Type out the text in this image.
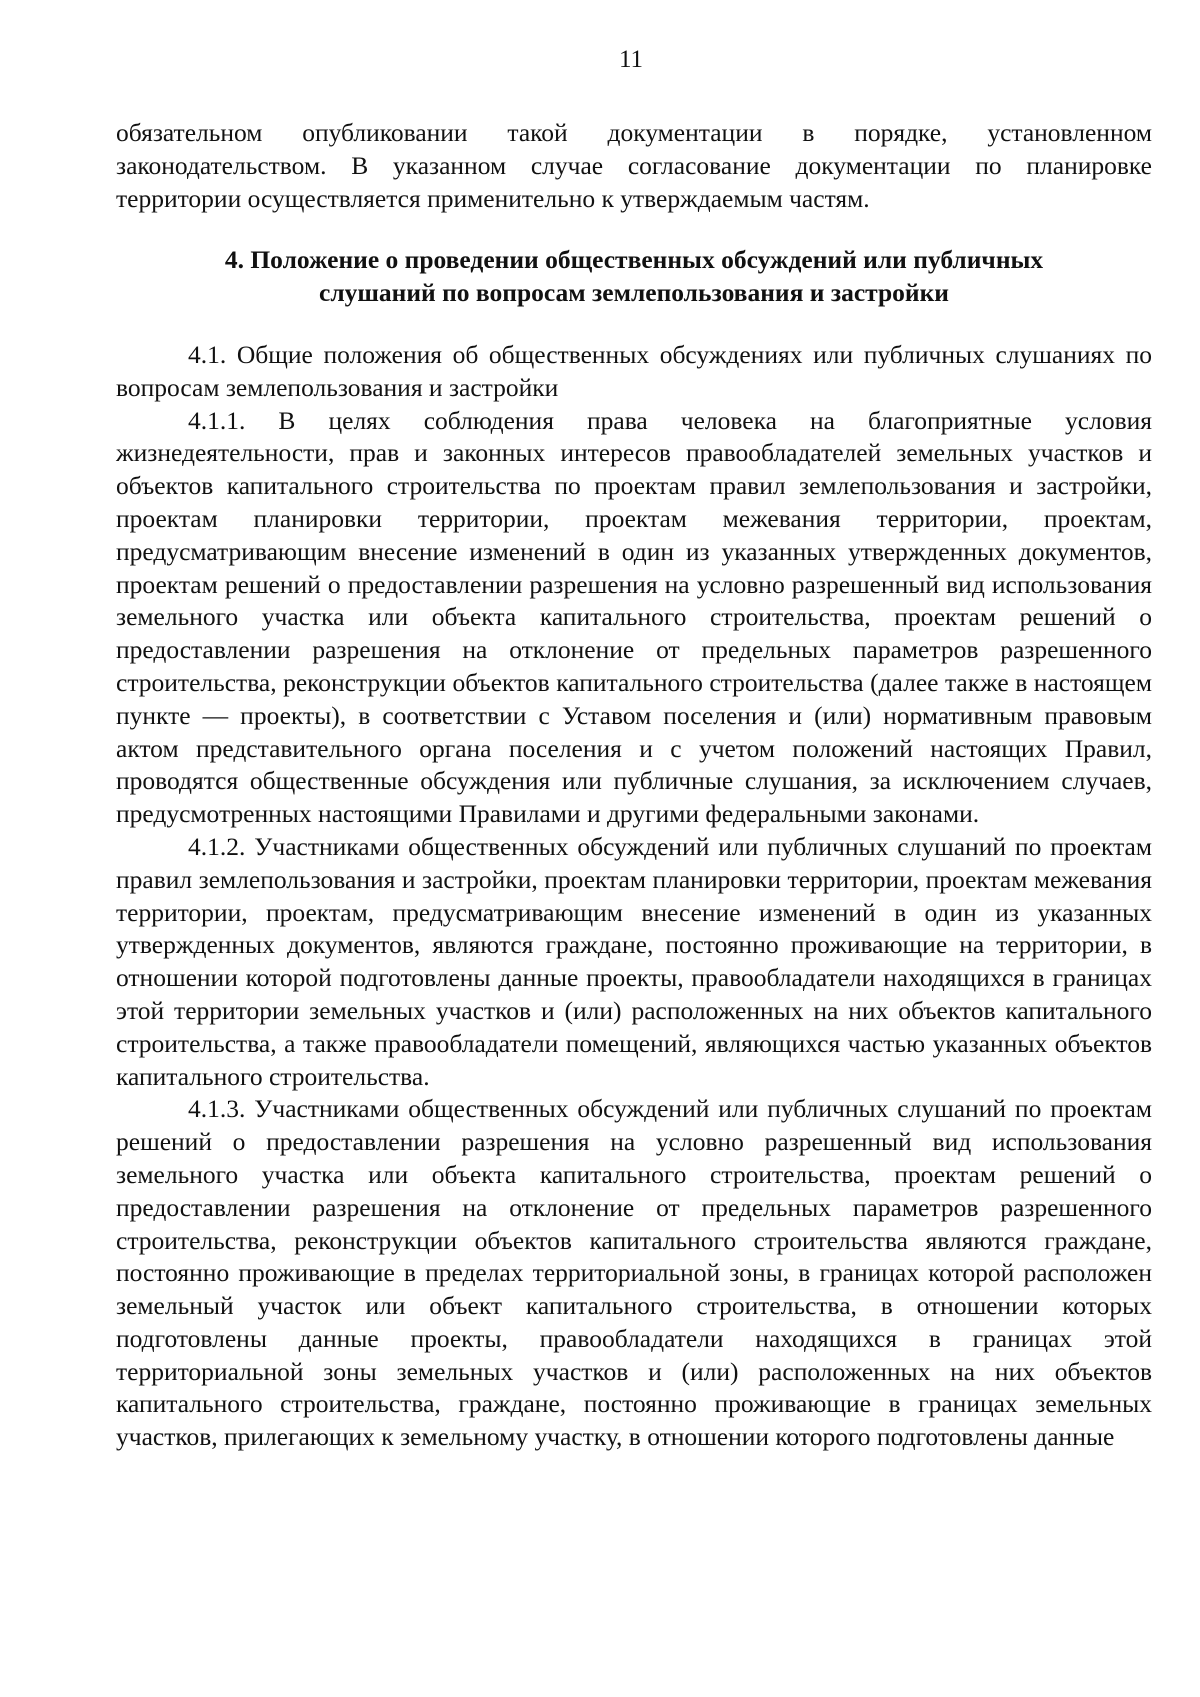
11

обязательном опубликовании такой документации в порядке, установленном законодательством. В указанном случае согласование документации по планировке территории осуществляется применительно к утверждаемым частям.

4. Положение о проведении общественных обсуждений или публичных
слушаний по вопросам землепользования и застройки

4.1. Общие положения об общественных обсуждениях или публичных слушаниях по вопросам землепользования и застройки

4.1.1. В целях соблюдения права человека на благоприятные условия жизнедеятельности, прав и законных интересов правообладателей земельных участков и объектов капитального строительства по проектам правил землепользования и застройки, проектам планировки территории, проектам межевания территории, проектам, предусматривающим внесение изменений в один из указанных утвержденных документов, проектам решений о предоставлении разрешения на условно разрешенный вид использования земельного участка или объекта капитального строительства, проектам решений о предоставлении разрешения на отклонение от предельных параметров разрешенного строительства, реконструкции объектов капитального строительства (далее также в настоящем пункте — проекты), в соответствии с Уставом поселения и (или) нормативным правовым актом представительного органа поселения и с учетом положений настоящих Правил, проводятся общественные обсуждения или публичные слушания, за исключением случаев, предусмотренных настоящими Правилами и другими федеральными законами.

4.1.2. Участниками общественных обсуждений или публичных слушаний по проектам правил землепользования и застройки, проектам планировки территории, проектам межевания территории, проектам, предусматривающим внесение изменений в один из указанных утвержденных документов, являются граждане, постоянно проживающие на территории, в отношении которой подготовлены данные проекты, правообладатели находящихся в границах этой территории земельных участков и (или) расположенных на них объектов капитального строительства, а также правообладатели помещений, являющихся частью указанных объектов капитального строительства.

4.1.3. Участниками общественных обсуждений или публичных слушаний по проектам решений о предоставлении разрешения на условно разрешенный вид использования земельного участка или объекта капитального строительства, проектам решений о предоставлении разрешения на отклонение от предельных параметров разрешенного строительства, реконструкции объектов капитального строительства являются граждане, постоянно проживающие в пределах территориальной зоны, в границах которой расположен земельный участок или объект капитального строительства, в отношении которых подготовлены данные проекты, правообладатели находящихся в границах этой территориальной зоны земельных участков и (или) расположенных на них объектов капитального строительства, граждане, постоянно проживающие в границах земельных участков, прилегающих к земельному участку, в отношении которого подготовлены данные
